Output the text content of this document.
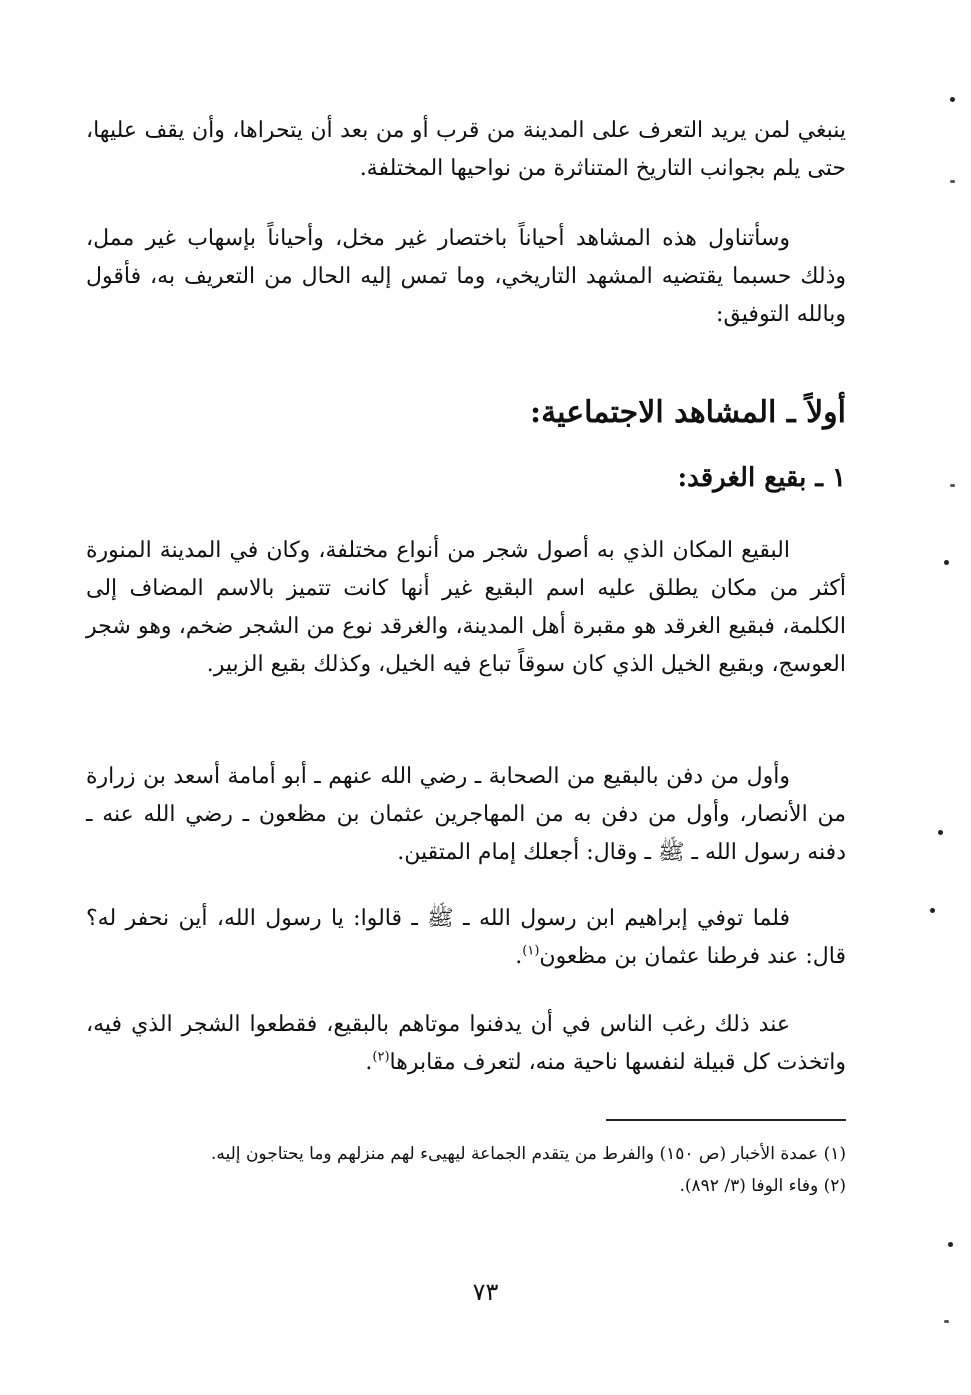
ينبغي لمن يريد التعرف على المدينة من قرب أو من بعد أن يتحراها، وأن يقف عليها، حتى يلم بجوانب التاريخ المتناثرة من نواحيها المختلفة.
وسأتناول هذه المشاهد أحياناً باختصار غير مخل، وأحياناً بإسهاب غير ممل، وذلك حسبما يقتضيه المشهد التاريخي، وما تمس إليه الحال من التعريف به، فأقول وبالله التوفيق:
أولاً ـ المشاهد الاجتماعية:
١ ـ بقيع الغرقد:
البقيع المكان الذي به أصول شجر من أنواع مختلفة، وكان في المدينة المنورة أكثر من مكان يطلق عليه اسم البقيع غير أنها كانت تتميز بالاسم المضاف إلى الكلمة، فبقيع الغرقد هو مقبرة أهل المدينة، والغرقد نوع من الشجر ضخم، وهو شجر العوسج، وبقيع الخيل الذي كان سوقاً تباع فيه الخيل، وكذلك بقيع الزبير.
وأول من دفن بالبقيع من الصحابة ـ رضي الله عنهم ـ أبو أمامة أسعد بن زرارة من الأنصار، وأول من دفن به من المهاجرين عثمان بن مظعون ـ رضي الله عنه ـ دفنه رسول الله ـ ﷺ ـ وقال: أجعلك إمام المتقين.
فلما توفي إبراهيم ابن رسول الله ـ ﷺ ـ قالوا: يا رسول الله، أين نحفر له؟ قال: عند فرطنا عثمان بن مظعون$^{(١)}$.
عند ذلك رغب الناس في أن يدفنوا موتاهم بالبقيع، فقطعوا الشجر الذي فيه، واتخذت كل قبيلة لنفسها ناحية منه، لتعرف مقابرها$^{(٢)}$.
(١) عمدة الأخبار (ص ١٥٠) والفرط من يتقدم الجماعة ليهيىء لهم منزلهم وما يحتاجون إليه.
(٢) وفاء الوفا (٣/ ٨٩٢).
٧٣
